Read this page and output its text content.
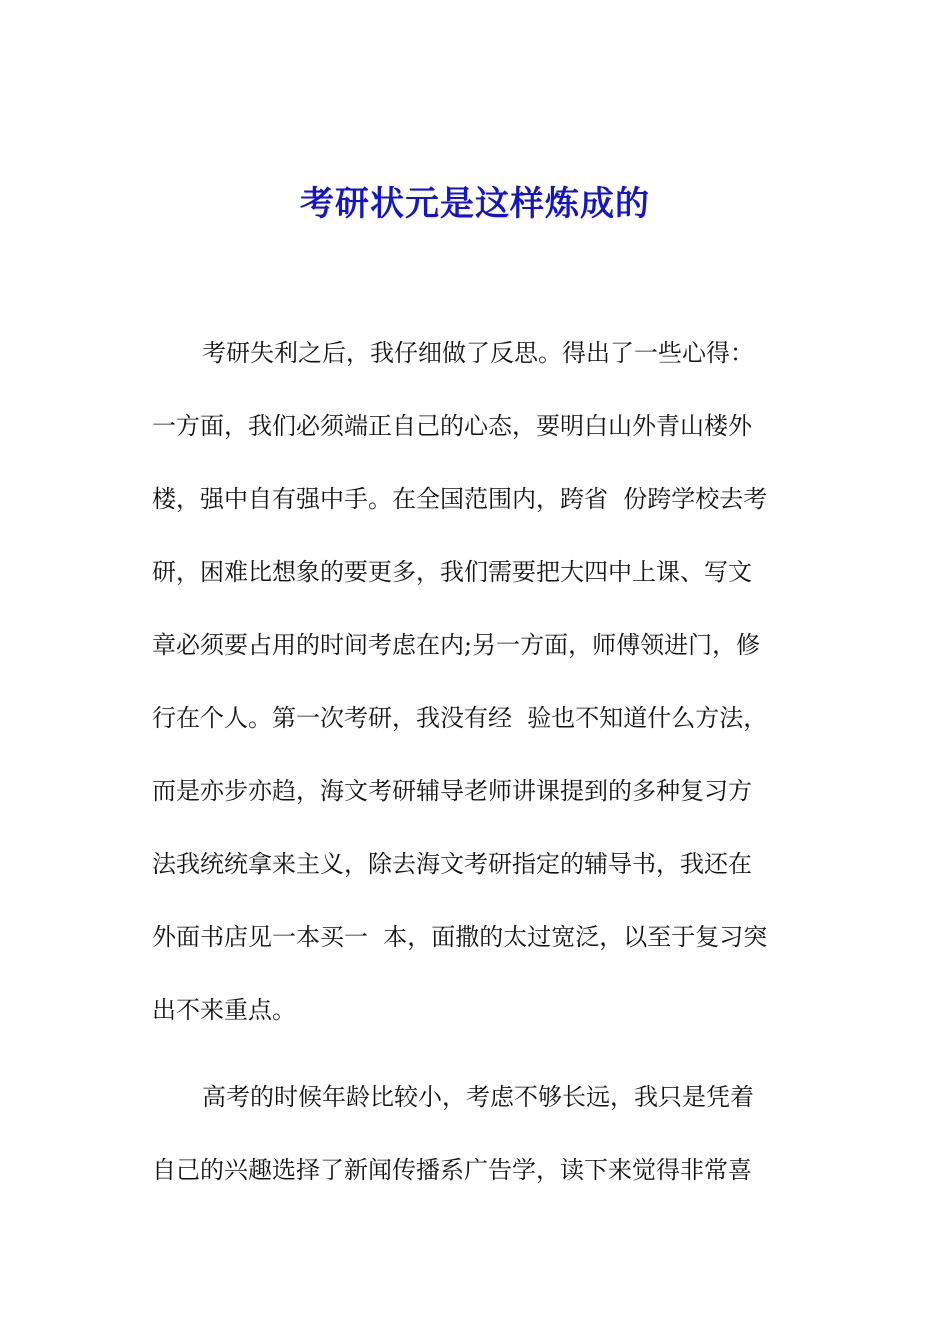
考研状元是这样炼成的
考研失利之后，我仔细做了反思。得出了一些心得：
一方面，我们必须端正自己的心态，要明白山外青山楼外
楼，强中自有强中手。在全国范围内，跨省  份跨学校去考
研，困难比想象的要更多，我们需要把大四中上课、写文
章必须要占用的时间考虑在内;另一方面，师傅领进门，修
行在个人。第一次考研，我没有经  验也不知道什么方法，
而是亦步亦趋，海文考研辅导老师讲课提到的多种复习方
法我统统拿来主义，除去海文考研指定的辅导书，我还在
外面书店见一本买一  本，面撒的太过宽泛，以至于复习突
出不来重点。
高考的时候年龄比较小，考虑不够长远，我只是凭着
自己的兴趣选择了新闻传播系广告学，读下来觉得非常喜
